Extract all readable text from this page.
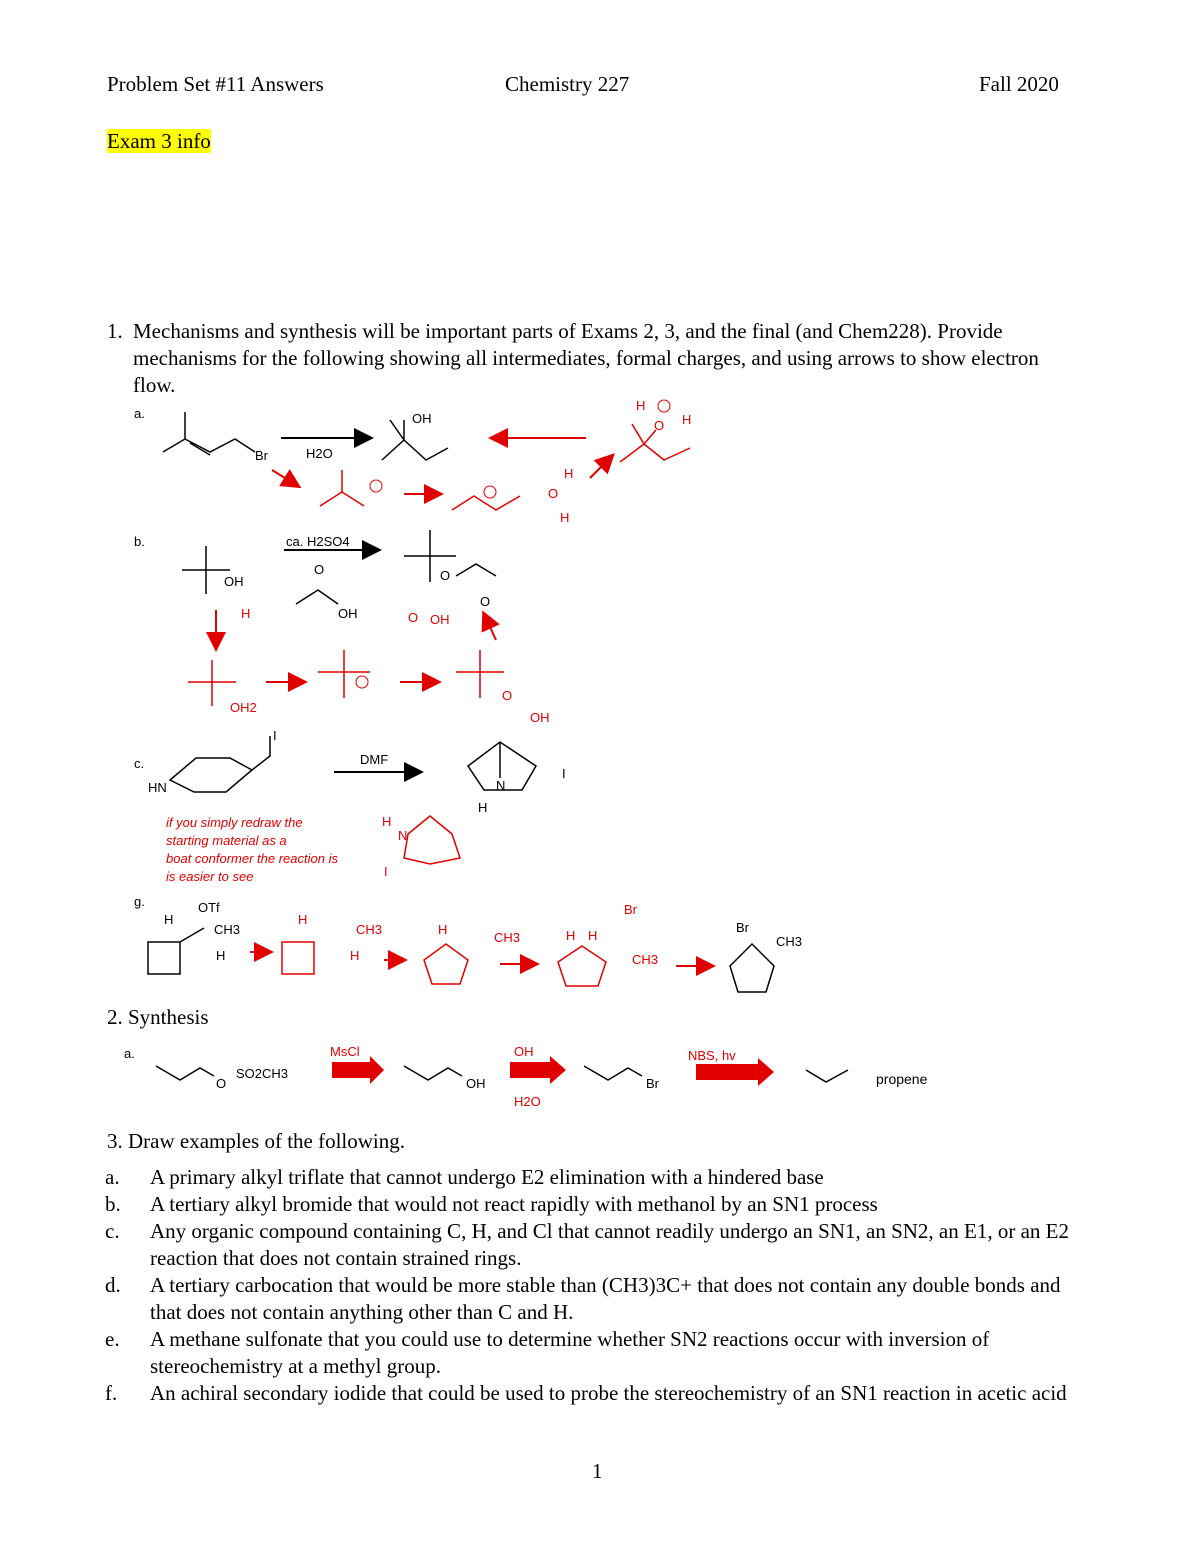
Problem Set #11 Answers	Chemistry 227	Fall 2020
Exam 3 info
1. Mechanisms and synthesis will be important parts of Exams 2, 3, and the final (and Chem228). Provide mechanisms for the following showing all intermediates, formal charges, and using arrows to show electron flow.
a.
Br	H2O
OH
H
O H
O
H
H
b.
OH
H
ca. H2SO4
O
OH
O
O
OH2
O OH
O
OH
c.
HN
I
DMF
N
H
I
if you simply redraw the
starting material as a
boat conformer the reaction is
is easier to see
H
N
I
g.	OTf
H
CH3
H
H
CH3
H
H
CH3	H H
Br
CH3
Br
CH3
a.
O
SO2CH3
MsCl
OH
OH
H2O
Br
NBS, hv
propene
2. Synthesis
3. Draw examples of the following.
a. A primary alkyl triflate that cannot undergo E2 elimination with a hindered base
b. A tertiary alkyl bromide that would not react rapidly with methanol by an SN1 process
c. Any organic compound containing C, H, and Cl that cannot readily undergo an SN1, an SN2, an E1, or an E2 reaction that does not contain strained rings.
d. A tertiary carbocation that would be more stable than (CH3)3C+ that does not contain any double bonds and that does not contain anything other than C and H.
e. A methane sulfonate that you could use to determine whether SN2 reactions occur with inversion of stereochemistry at a methyl group.
f. An achiral secondary iodide that could be used to probe the stereochemistry of an SN1 reaction in acetic acid
1
